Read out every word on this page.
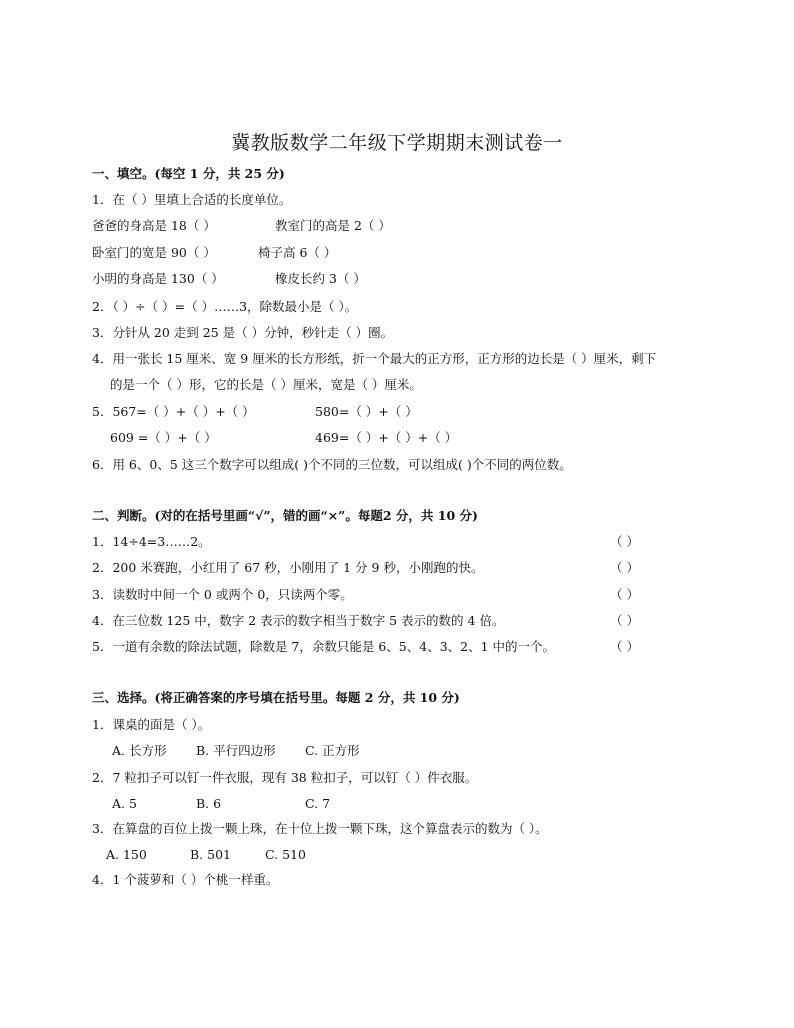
冀教版数学二年级下学期期末测试卷一
一、填空。(每空 1 分，共 25 分)
1．在（ ）里填上合适的长度单位。
爸爸的身高是 18（ ）	教室门的高是 2（ ）
卧室门的宽是 90（ ）	椅子高 6（ ）
小明的身高是 130（ ）	橡皮长约 3（ ）
2．（ ）÷（ ）=（ ）……3，除数最小是（ ）。
3．分针从 20 走到 25 是（ ）分钟，秒针走（ ）圈。
4．用一张长 15 厘米、宽 9 厘米的长方形纸，折一个最大的正方形，正方形的边长是（ ）厘米，剩下
的是一个（ ）形，它的长是（ ）厘米，宽是（ ）厘米。
5．567=（ ）+（ ）+（ ）	580=（ ）+（ ）
609 =（ ）+（ ）	469=（ ）+（ ）+（ ）
6．用 6、0、5 这三个数字可以组成( )个不同的三位数，可以组成( )个不同的两位数。
二、判断。(对的在括号里画“√”，错的画“×”。每题2 分，共 10 分)
1．14÷4=3……2。	（ ）
2．200 米赛跑，小红用了 67 秒，小刚用了 1 分 9 秒，小刚跑的快。	（ ）
3．读数时中间一个 0 或两个 0，只读两个零。	（ ）
4．在三位数 125 中，数字 2 表示的数字相当于数字 5 表示的数的 4 倍。	（ ）
5．一道有余数的除法试题，除数是 7，余数只能是 6、5、4、3、2、1 中的一个。	（ ）
三、选择。(将正确答案的序号填在括号里。每题 2 分，共 10 分)
1．课桌的面是（ ）。
A. 长方形 B. 平行四边形 C. 正方形
2．7 粒扣子可以钉一件衣服，现有 38 粒扣子，可以钉（ ）件衣服。
A. 5	B. 6	C. 7
3．在算盘的百位上拨一颗上珠，在十位上拨一颗下珠，这个算盘表示的数为（ ）。
A. 150	B. 501	C. 510
4．1 个菠萝和（ ）个桃一样重。
